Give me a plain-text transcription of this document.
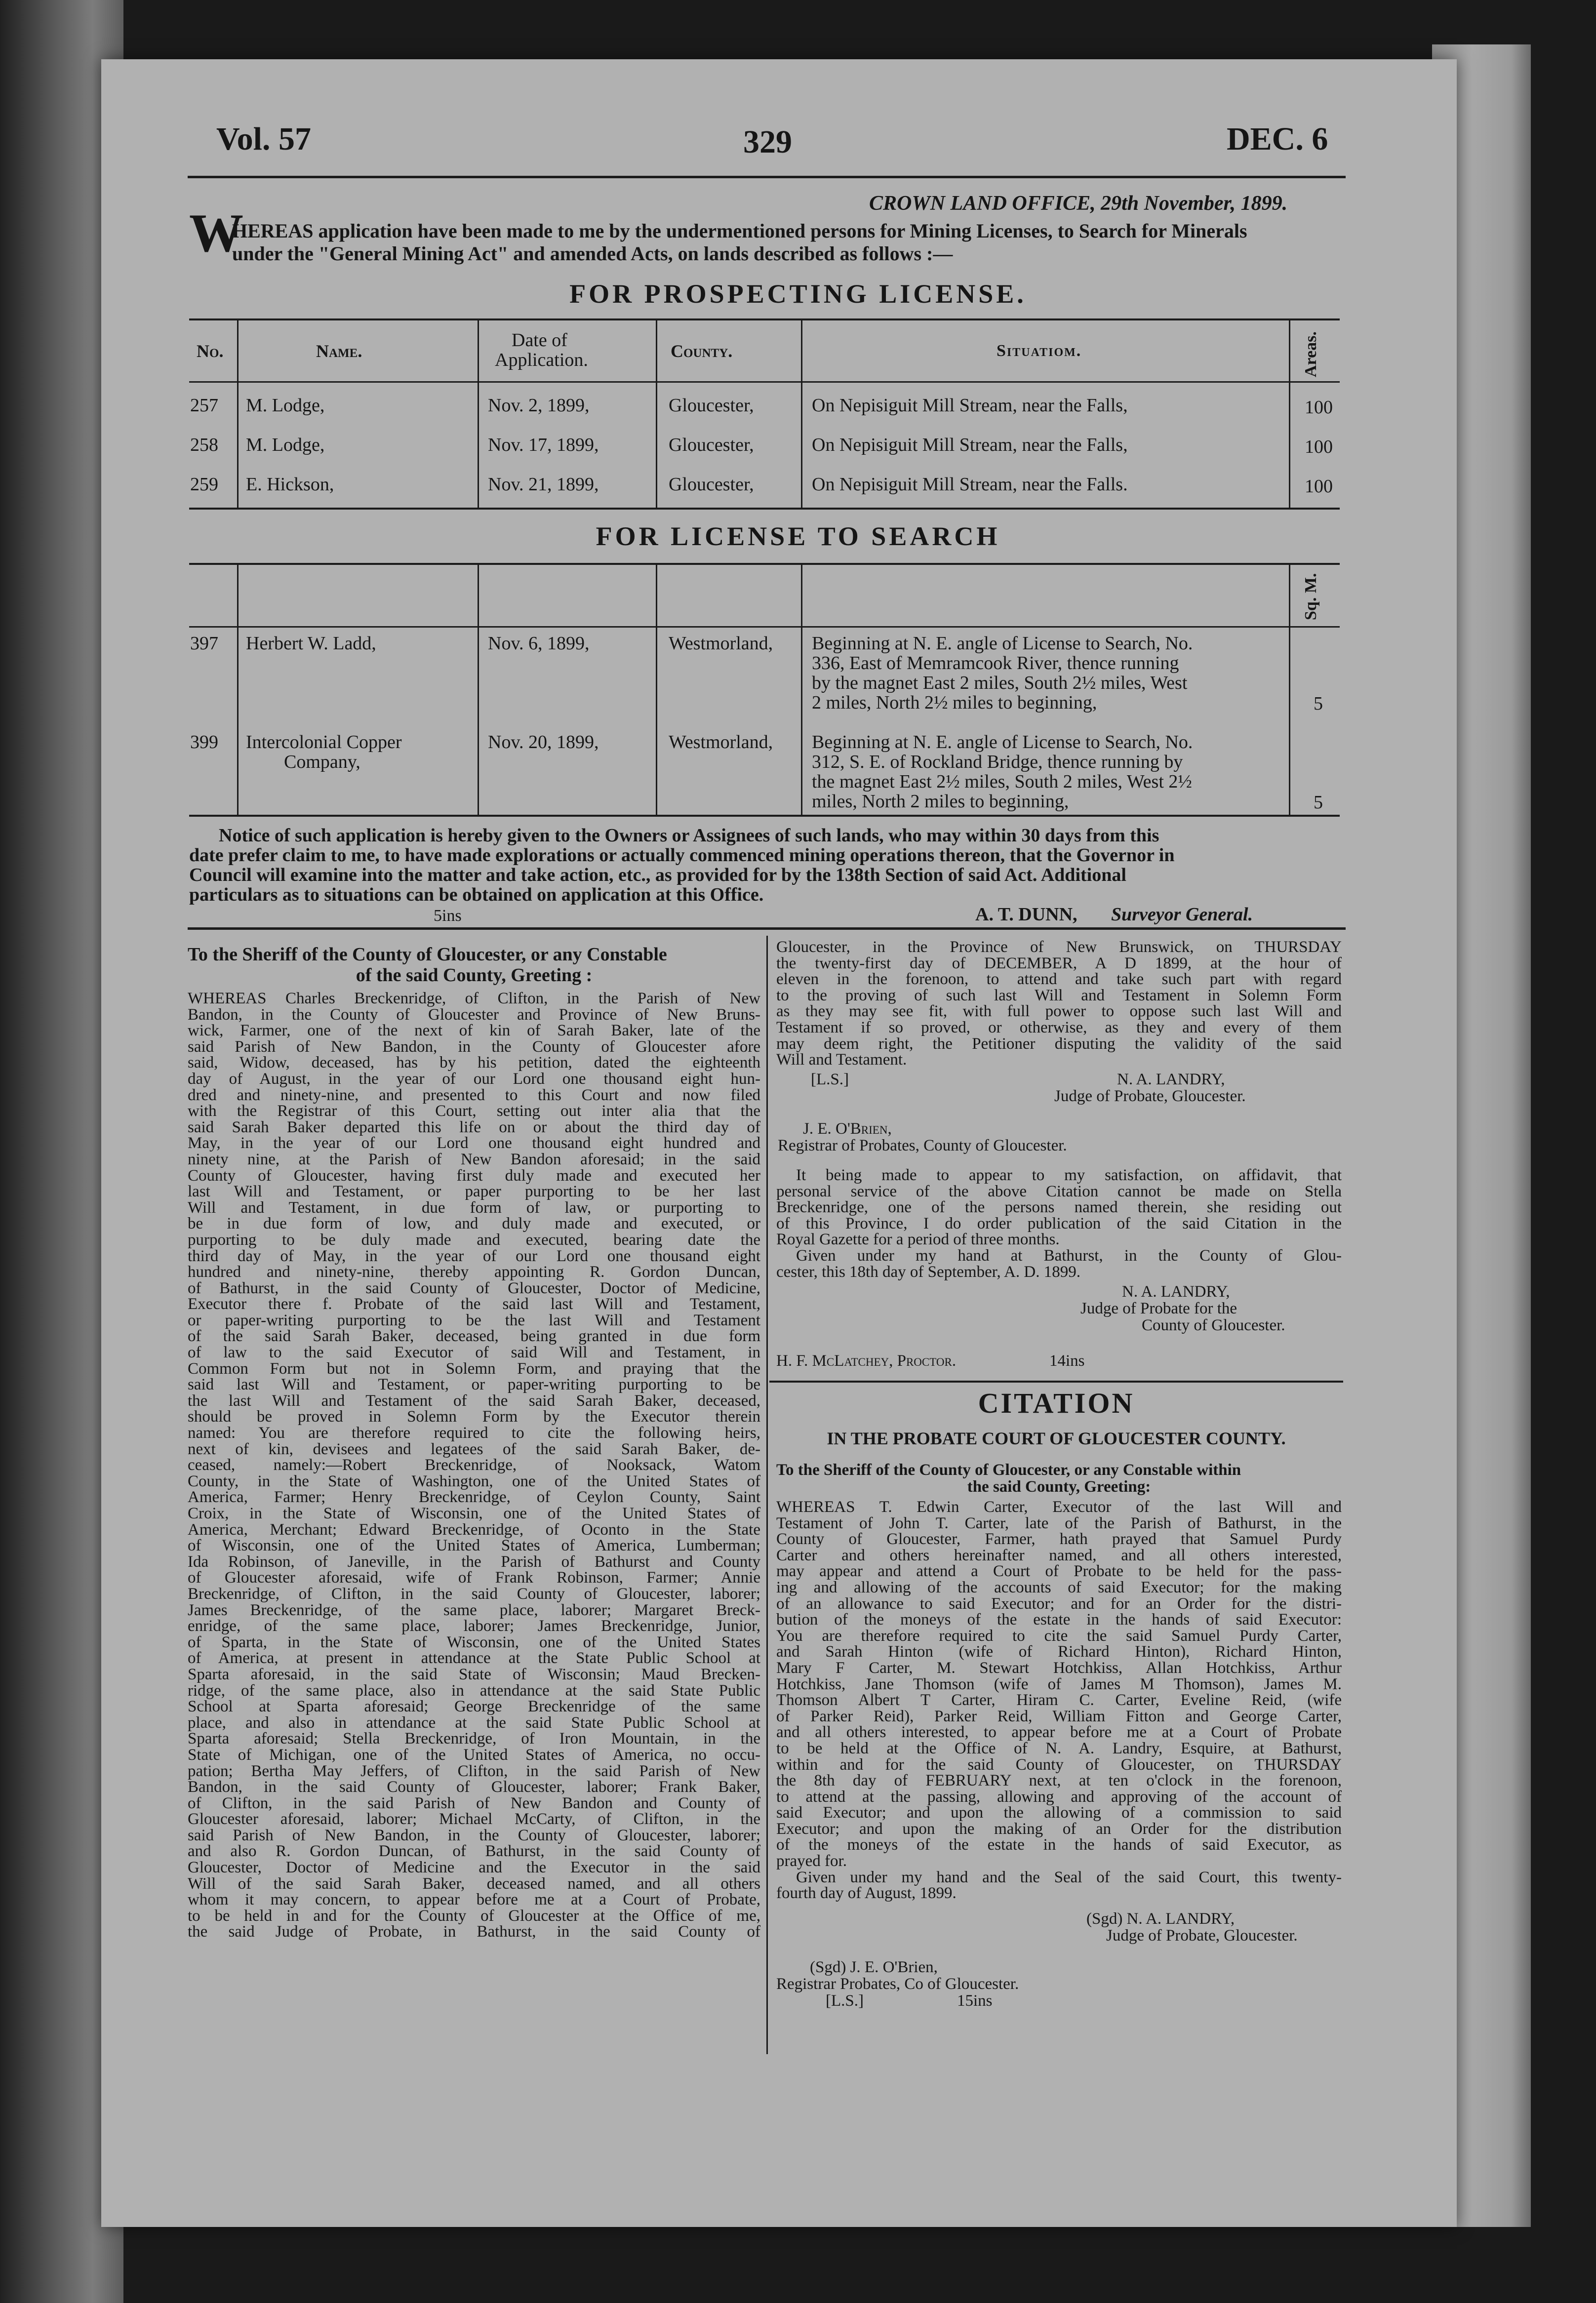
Vol. 57	329	DEC. 6
CROWN LAND OFFICE, 29th November, 1899.
W
HEREAS application have been made to me by the undermentioned persons for Mining Licenses, to Search for Minerals
under the "General Mining Act" and amended Acts, on lands described as follows :—
FOR PROSPECTING LICENSE.
No.	Name.
Date of
Application.	County.	Situatiom.	Areas.
257 M. Lodge,	Nov. 2, 1899,	Gloucester,	On Nepisiguit Mill Stream, near the Falls,	100
258 M. Lodge,	Nov. 17, 1899,	Gloucester,	On Nepisiguit Mill Stream, near the Falls,	100
259 E. Hickson,	Nov. 21, 1899,	Gloucester,	On Nepisiguit Mill Stream, near the Falls.	100
FOR LICENSE TO SEARCH
Sq. M.
397 Herbert W. Ladd,	Nov. 6, 1899,	Westmorland, Beginning at N. E. angle of License to Search, No.
336, East of Memramcook River, thence running
by the magnet East 2 miles, South 2½ miles, West
2 miles, North 2½ miles to beginning,	5
399 Intercolonial Copper
Company,
Nov. 20, 1899,	Westmorland, Beginning at N. E. angle of License to Search, No.
312, S. E. of Rockland Bridge, thence running by
the magnet East 2½ miles, South 2 miles, West 2½
miles, North 2 miles to beginning,	5
Notice of such application is hereby given to the Owners or Assignees of such lands, who may within 30 days from this
date prefer claim to me, to have made explorations or actually commenced mining operations thereon, that the Governor in
Council will examine into the matter and take action, etc., as provided for by the 138th Section of said Act. Additional
particulars as to situations can be obtained on application at this Office.
5ins	A. T. DUNN, Surveyor General.
To the Sheriff of the County of Gloucester, or any Constable
of the said County, Greeting :
WHEREAS Charles Breckenridge, of Clifton, in the Parish of New
Bandon, in the County of Gloucester and Province of New Bruns-
wick, Farmer, one of the next of kin of Sarah Baker, late of the
said Parish of New Bandon, in the County of Gloucester afore
said, Widow, deceased, has by his petition, dated the eighteenth
day of August, in the year of our Lord one thousand eight hun-
dred and ninety-nine, and presented to this Court and now filed
with the Registrar of this Court, setting out inter alia that the
said Sarah Baker departed this life on or about the third day of
May, in the year of our Lord one thousand eight hundred and
ninety nine, at the Parish of New Bandon aforesaid; in the said
County of Gloucester, having first duly made and executed her
last Will and Testament, or paper purporting to be her last
Will and Testament, in due form of law, or purporting to
be in due form of low, and duly made and executed, or
purporting to be duly made and executed, bearing date the
third day of May, in the year of our Lord one thousand eight
hundred and ninety-nine, thereby appointing R. Gordon Duncan,
of Bathurst, in the said County of Gloucester, Doctor of Medicine,
Executor there f. Probate of the said last Will and Testament,
or paper-writing purporting to be the last Will and Testament
of the said Sarah Baker, deceased, being granted in due form
of law to the said Executor of said Will and Testament, in
Common Form but not in Solemn Form, and praying that the
said last Will and Testament, or paper-writing purporting to be
the last Will and Testament of the said Sarah Baker, deceased,
should be proved in Solemn Form by the Executor therein
named: You are therefore required to cite the following heirs,
next of kin, devisees and legatees of the said Sarah Baker, de-
ceased, namely:—Robert Breckenridge, of Nooksack, Watom
County, in the State of Washington, one of the United States of
America, Farmer; Henry Breckenridge, of Ceylon County, Saint
Croix, in the State of Wisconsin, one of the United States of
America, Merchant; Edward Breckenridge, of Oconto in the State
of Wisconsin, one of the United States of America, Lumberman;
Ida Robinson, of Janeville, in the Parish of Bathurst and County
of Gloucester aforesaid, wife of Frank Robinson, Farmer; Annie
Breckenridge, of Clifton, in the said County of Gloucester, laborer;
James Breckenridge, of the same place, laborer; Margaret Breck-
enridge, of the same place, laborer; James Breckenridge, Junior,
of Sparta, in the State of Wisconsin, one of the United States
of America, at present in attendance at the State Public School at
Sparta aforesaid, in the said State of Wisconsin; Maud Brecken-
ridge, of the same place, also in attendance at the said State Public
School at Sparta aforesaid; George Breckenridge of the same
place, and also in attendance at the said State Public School at
Sparta aforesaid; Stella Breckenridge, of Iron Mountain, in the
State of Michigan, one of the United States of America, no occu-
pation; Bertha May Jeffers, of Clifton, in the said Parish of New
Bandon, in the said County of Gloucester, laborer; Frank Baker,
of Clifton, in the said Parish of New Bandon and County of
Gloucester aforesaid, laborer; Michael McCarty, of Clifton, in the
said Parish of New Bandon, in the County of Gloucester, laborer;
and also R. Gordon Duncan, of Bathurst, in the said County of
Gloucester, Doctor of Medicine and the Executor in the said
Will of the said Sarah Baker, deceased named, and all others
whom it may concern, to appear before me at a Court of Probate,
to be held in and for the County of Gloucester at the Office of me,
the said Judge of Probate, in Bathurst, in the said County of
Gloucester, in the Province of New Brunswick, on THURSDAY
the twenty-first day of DECEMBER, A D 1899, at the hour of
eleven in the forenoon, to attend and take such part with regard
to the proving of such last Will and Testament in Solemn Form
as they may see fit, with full power to oppose such last Will and
Testament if so proved, or otherwise, as they and every of them
may deem right, the Petitioner disputing the validity of the said
Will and Testament.
[L.S.]	N. A. LANDRY,
Judge of Probate, Gloucester.
J. E. O'Brien,
Registrar of Probates, County of Gloucester.
It being made to appear to my satisfaction, on affidavit, that
personal service of the above Citation cannot be made on Stella
Breckenridge, one of the persons named therein, she residing out
of this Province, I do order publication of the said Citation in the
Royal Gazette for a period of three months.
Given under my hand at Bathurst, in the County of Glou-
cester, this 18th day of September, A. D. 1899.
N. A. LANDRY,
Judge of Probate for the
County of Gloucester.
H. F. McLatchey, Proctor.	14ins
CITATION
IN THE PROBATE COURT OF GLOUCESTER COUNTY.
To the Sheriff of the County of Gloucester, or any Constable within
the said County, Greeting:
WHEREAS T. Edwin Carter, Executor of the last Will and
Testament of John T. Carter, late of the Parish of Bathurst, in the
County of Gloucester, Farmer, hath prayed that Samuel Purdy
Carter and others hereinafter named, and all others interested,
may appear and attend a Court of Probate to be held for the pass-
ing and allowing of the accounts of said Executor; for the making
of an allowance to said Executor; and for an Order for the distri-
bution of the moneys of the estate in the hands of said Executor:
You are therefore required to cite the said Samuel Purdy Carter,
and Sarah Hinton (wife of Richard Hinton), Richard Hinton,
Mary F Carter, M. Stewart Hotchkiss, Allan Hotchkiss, Arthur
Hotchkiss, Jane Thomson (wife of James M Thomson), James M.
Thomson Albert T Carter, Hiram C. Carter, Eveline Reid, (wife
of Parker Reid), Parker Reid, William Fitton and George Carter,
and all others interested, to appear before me at a Court of Probate
to be held at the Office of N. A. Landry, Esquire, at Bathurst,
within and for the said County of Gloucester, on THURSDAY
the 8th day of FEBRUARY next, at ten o'clock in the forenoon,
to attend at the passing, allowing and approving of the account of
said Executor; and upon the allowing of a commission to said
Executor; and upon the making of an Order for the distribution
of the moneys of the estate in the hands of said Executor, as
prayed for.
Given under my hand and the Seal of the said Court, this twenty-
fourth day of August, 1899.
(Sgd) N. A. LANDRY,
Judge of Probate, Gloucester.
(Sgd) J. E. O'Brien,
Registrar Probates, Co of Gloucester.
[L.S.]	15ins
